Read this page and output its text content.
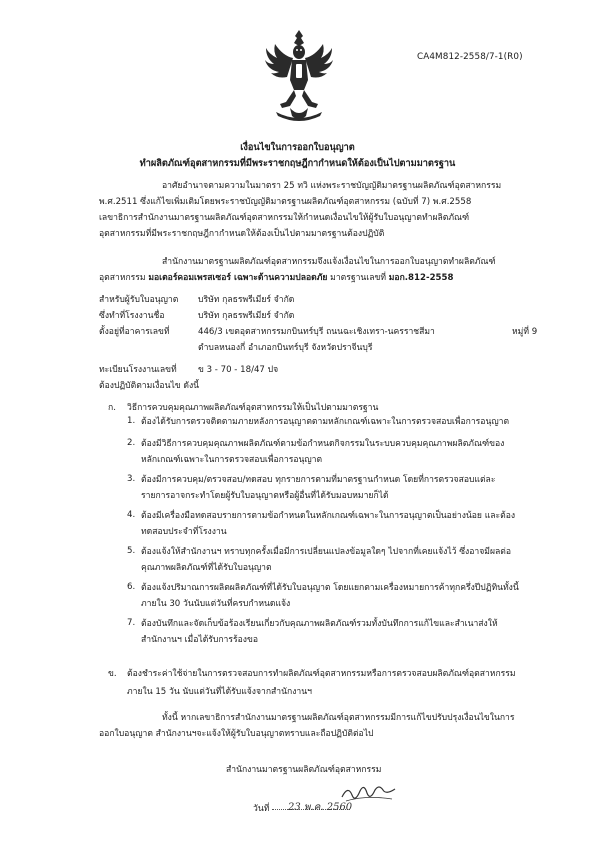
CA4M812-2558/7-1(R0)
เงื่อนไขในการออกใบอนุญาต
ทำผลิตภัณฑ์อุตสาหกรรมที่มีพระราชกฤษฎีกากำหนดให้ต้องเป็นไปตามมาตรฐาน
อาศัยอำนาจตามความในมาตรา 25 ทวิ แห่งพระราชบัญญัติมาตรฐานผลิตภัณฑ์อุตสาหกรรม
พ.ศ.2511 ซึ่งแก้ไขเพิ่มเติมโดยพระราชบัญญัติมาตรฐานผลิตภัณฑ์อุตสาหกรรม (ฉบับที่ 7) พ.ศ.2558
เลขาธิการสำนักงานมาตรฐานผลิตภัณฑ์อุตสาหกรรมให้กำหนดเงื่อนไขให้ผู้รับใบอนุญาตทำผลิตภัณฑ์
อุตสาหกรรมที่มีพระราชกฤษฎีกากำหนดให้ต้องเป็นไปตามมาตรฐานต้องปฏิบัติ
สำนักงานมาตรฐานผลิตภัณฑ์อุตสาหกรรมจึงแจ้งเงื่อนไขในการออกใบอนุญาตทำผลิตภัณฑ์
อุตสาหกรรม มอเตอร์คอมเพรสเซอร์ เฉพาะด้านความปลอดภัย มาตรฐานเลขที่ มอก.812-2558
สำหรับผู้รับใบอนุญาต บริษัท กุลธรพรีเมียร์ จำกัด
ซึ่งทำที่โรงงานชื่อ	บริษัท กุลธรพรีเมียร์ จำกัด
ตั้งอยู่ที่อาคารเลขที่	446/3 เขตอุตสาหกรรมกบินทร์บุรี ถนนฉะเชิงเทรา-นครราชสีมา	หมู่ที่ 9
ตำบลหนองกี่ อำเภอกบินทร์บุรี จังหวัดปราจีนบุรี
ทะเบียนโรงงานเลขที่ ข 3 - 70 - 18/47 ปจ
ต้องปฏิบัติตามเงื่อนไข ดังนี้
ก. วิธีการควบคุมคุณภาพผลิตภัณฑ์อุตสาหกรรมให้เป็นไปตามมาตรฐาน
1. ต้องได้รับการตรวจติดตามภายหลังการอนุญาตตามหลักเกณฑ์เฉพาะในการตรวจสอบเพื่อการอนุญาต
2. ต้องมีวิธีการควบคุมคุณภาพผลิตภัณฑ์ตามข้อกำหนดกิจกรรมในระบบควบคุมคุณภาพผลิตภัณฑ์ของ
หลักเกณฑ์เฉพาะในการตรวจสอบเพื่อการอนุญาต
3. ต้องมีการควบคุม/ตรวจสอบ/ทดสอบ ทุกรายการตามที่มาตรฐานกำหนด โดยที่การตรวจสอบแต่ละ
รายการอาจกระทำโดยผู้รับใบอนุญาตหรือผู้อื่นที่ได้รับมอบหมายก็ได้
4. ต้องมีเครื่องมือทดสอบรายการตามข้อกำหนดในหลักเกณฑ์เฉพาะในการอนุญาตเป็นอย่างน้อย และต้อง
ทดสอบประจำที่โรงงาน
5. ต้องแจ้งให้สำนักงานฯ ทราบทุกครั้งเมื่อมีการเปลี่ยนแปลงข้อมูลใดๆ ไปจากที่เคยแจ้งไว้ ซึ่งอาจมีผลต่อ
คุณภาพผลิตภัณฑ์ที่ได้รับใบอนุญาต
6. ต้องแจ้งปริมาณการผลิตผลิตภัณฑ์ที่ได้รับใบอนุญาต โดยแยกตามเครื่องหมายการค้าทุกครึ่งปีปฏิทินทั้งนี้
ภายใน 30 วันนับแต่วันที่ครบกำหนดแจ้ง
7. ต้องบันทึกและจัดเก็บข้อร้องเรียนเกี่ยวกับคุณภาพผลิตภัณฑ์รวมทั้งบันทึกการแก้ไขและสำเนาส่งให้
สำนักงานฯ เมื่อได้รับการร้องขอ
ข. ต้องชำระค่าใช้จ่ายในการตรวจสอบการทำผลิตภัณฑ์อุตสาหกรรมหรือการตรวจสอบผลิตภัณฑ์อุตสาหกรรม
ภายใน 15 วัน นับแต่วันที่ได้รับแจ้งจากสำนักงานฯ
ทั้งนี้ หากเลขาธิการสำนักงานมาตรฐานผลิตภัณฑ์อุตสาหกรรมมีการแก้ไขปรับปรุงเงื่อนไขในการ
ออกใบอนุญาต สำนักงานฯจะแจ้งให้ผู้รับใบอนุญาตทราบและถือปฏิบัติต่อไป
สำนักงานมาตรฐานผลิตภัณฑ์อุตสาหกรรม
วันที่ 23 พ.ค. 2560
